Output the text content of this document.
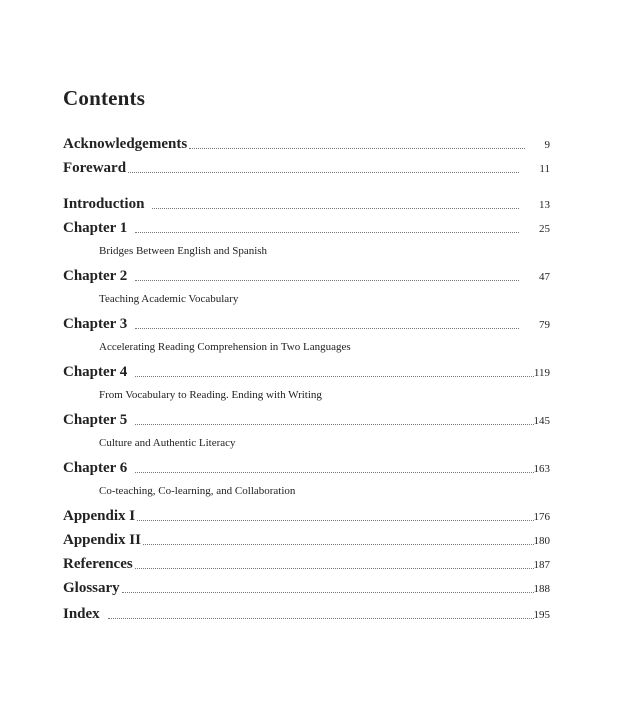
Contents
Acknowledgements	9
Foreward	11
Introduction	13
Chapter 1	25
Bridges Between English and Spanish
Chapter 2	47
Teaching Academic Vocabulary
Chapter 3	79
Accelerating Reading Comprehension in Two Languages
Chapter 4	119
From Vocabulary to Reading. Ending with Writing
Chapter 5	145
Culture and Authentic Literacy
Chapter 6	163
Co-teaching, Co-learning, and Collaboration
Appendix I	176
Appendix II	180
References	187
Glossary	188
Index	195
